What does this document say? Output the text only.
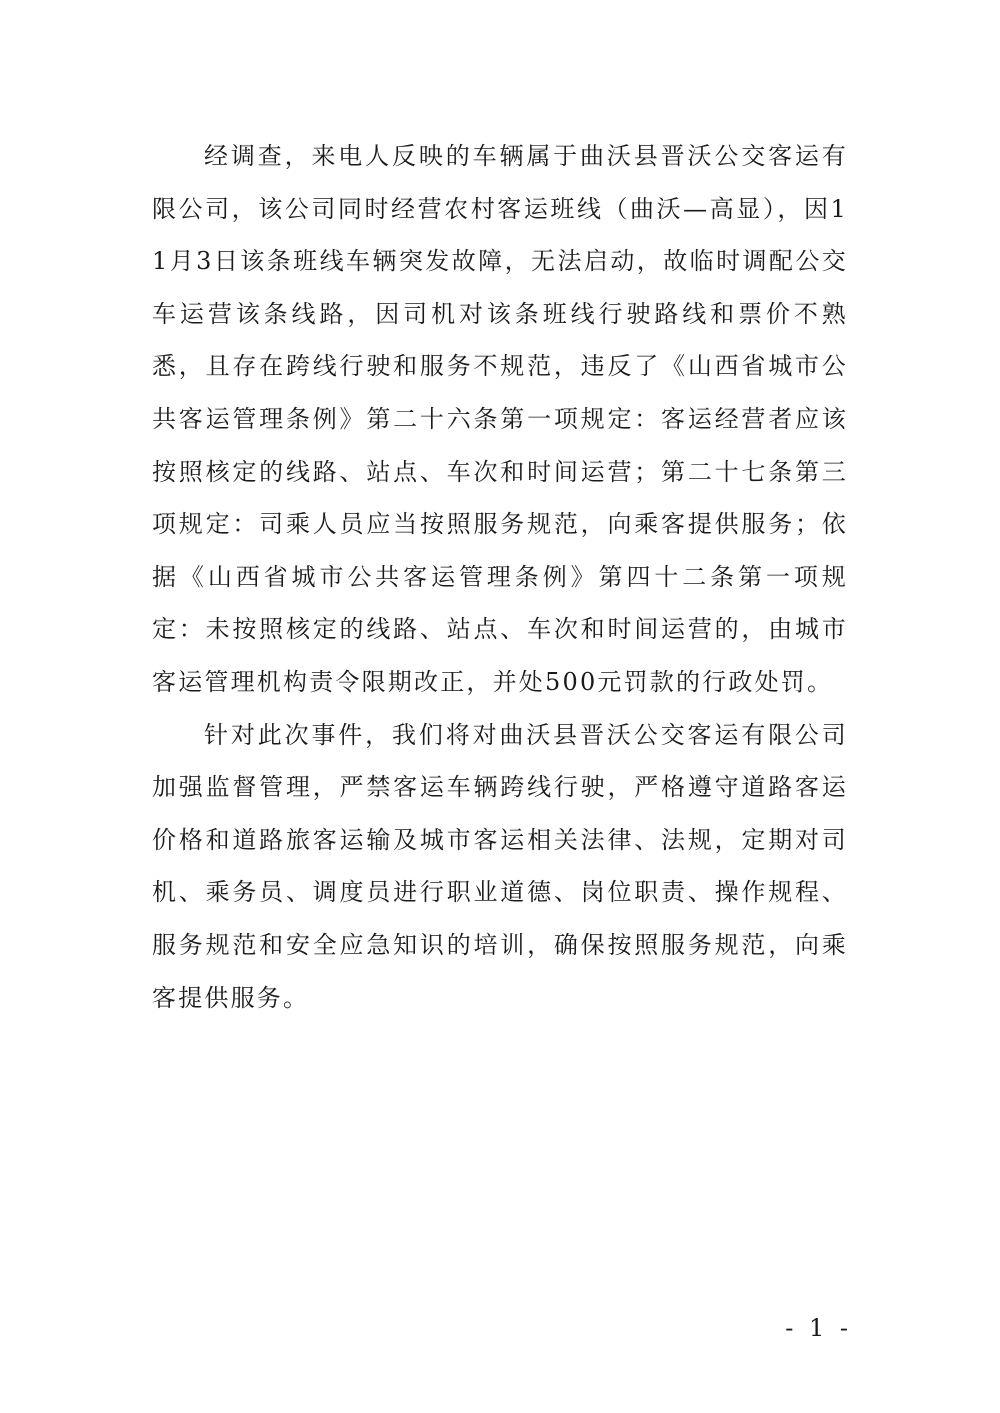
经调查，来电人反映的车辆属于曲沃县晋沃公交客运有限公司，该公司同时经营农村客运班线（曲沃—高显），因11月3日该条班线车辆突发故障，无法启动，故临时调配公交车运营该条线路，因司机对该条班线行驶路线和票价不熟悉，且存在跨线行驶和服务不规范，违反了《山西省城市公共客运管理条例》第二十六条第一项规定：客运经营者应该按照核定的线路、站点、车次和时间运营；第二十七条第三项规定：司乘人员应当按照服务规范，向乘客提供服务；依据《山西省城市公共客运管理条例》第四十二条第一项规定：未按照核定的线路、站点、车次和时间运营的，由城市客运管理机构责令限期改正，并处500元罚款的行政处罚。

针对此次事件，我们将对曲沃县晋沃公交客运有限公司加强监督管理，严禁客运车辆跨线行驶，严格遵守道路客运价格和道路旅客运输及城市客运相关法律、法规，定期对司机、乘务员、调度员进行职业道德、岗位职责、操作规程、服务规范和安全应急知识的培训，确保按照服务规范，向乘客提供服务。

- 1 -
